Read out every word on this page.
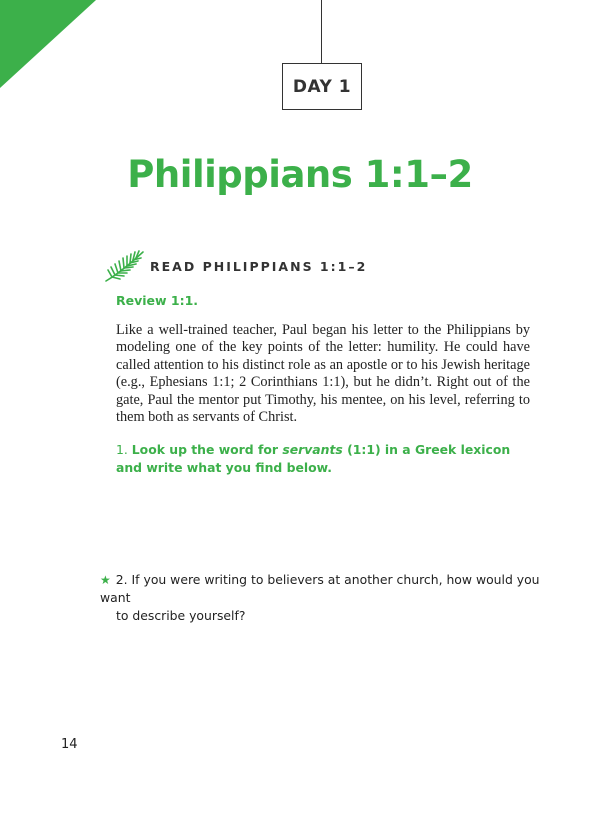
DAY 1
Philippians 1:1–2
READ PHILIPPIANS 1:1–2
Review 1:1.

Like a well-trained teacher, Paul began his letter to the Philippians by modeling one of the key points of the letter: humility. He could have called attention to his distinct role as an apostle or to his Jewish heritage (e.g., Ephesians 1:1; 2 Corinthians 1:1), but he didn’t. Right out of the gate, Paul the mentor put Timothy, his mentee, on his level, referring to them both as servants of Christ.

1. Look up the word for servants (1:1) in a Greek lexicon and write what you find below.

★ 2. If you were writing to believers at another church, how would you want
to describe yourself?

14
